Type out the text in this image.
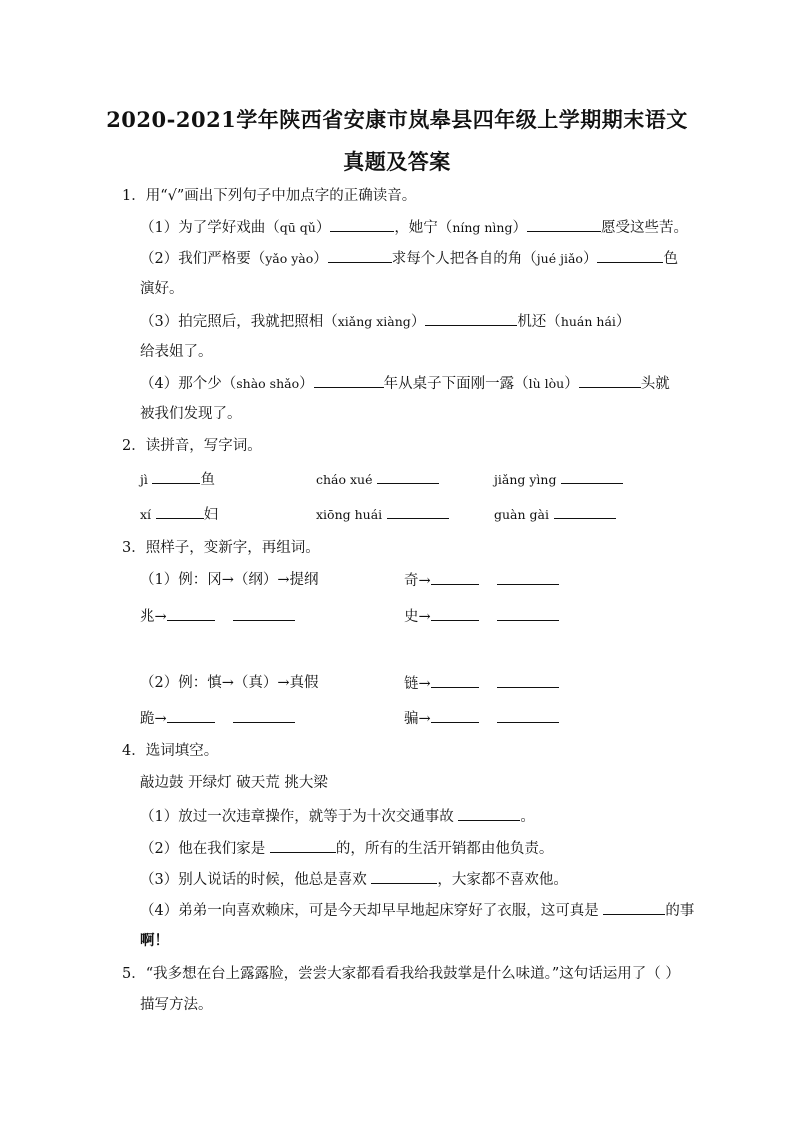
2020-2021学年陕西省安康市岚皋县四年级上学期期末语文
真题及答案
1．用“√”画出下列句子中加点字的正确读音。
（1）为了学好戏曲（qū qǔ）	，她宁（níng nìng）	愿受这些苦。
（2）我们严格要（yǎo yào）	求每个人把各自的角（jué jiǎo）	色
演好。
（3）拍完照后，我就把照相（xiǎng xiàng）	机还（huán hái）
给表姐了。
（4）那个少（shào shǎo）	年从桌子下面刚一露（lù lòu）	头就
被我们发现了。
2．读拼音，写字词。
jì	鱼	cháo xué	jiǎng yìng
xí	妇	xiōng huái	guàn gài
3．照样子，变新字，再组词。
（1）例：冈→（纲）→提纲	奇→
兆→	史→
（2）例：慎→（真）→真假	链→
跪→	骗→
4．选词填空。
敲边鼓 开绿灯 破天荒 挑大梁
（1）放过一次违章操作，就等于为十次交通事故	。
（2）他在我们家是	的，所有的生活开销都由他负责。
（3）别人说话的时候，他总是喜欢	，大家都不喜欢他。
（4）弟弟一向喜欢赖床，可是今天却早早地起床穿好了衣服，这可真是	的事
啊！
5．“我多想在台上露露脸，尝尝大家都看看我给我鼓掌是什么味道。”这句话运用了（ ）
描写方法。
